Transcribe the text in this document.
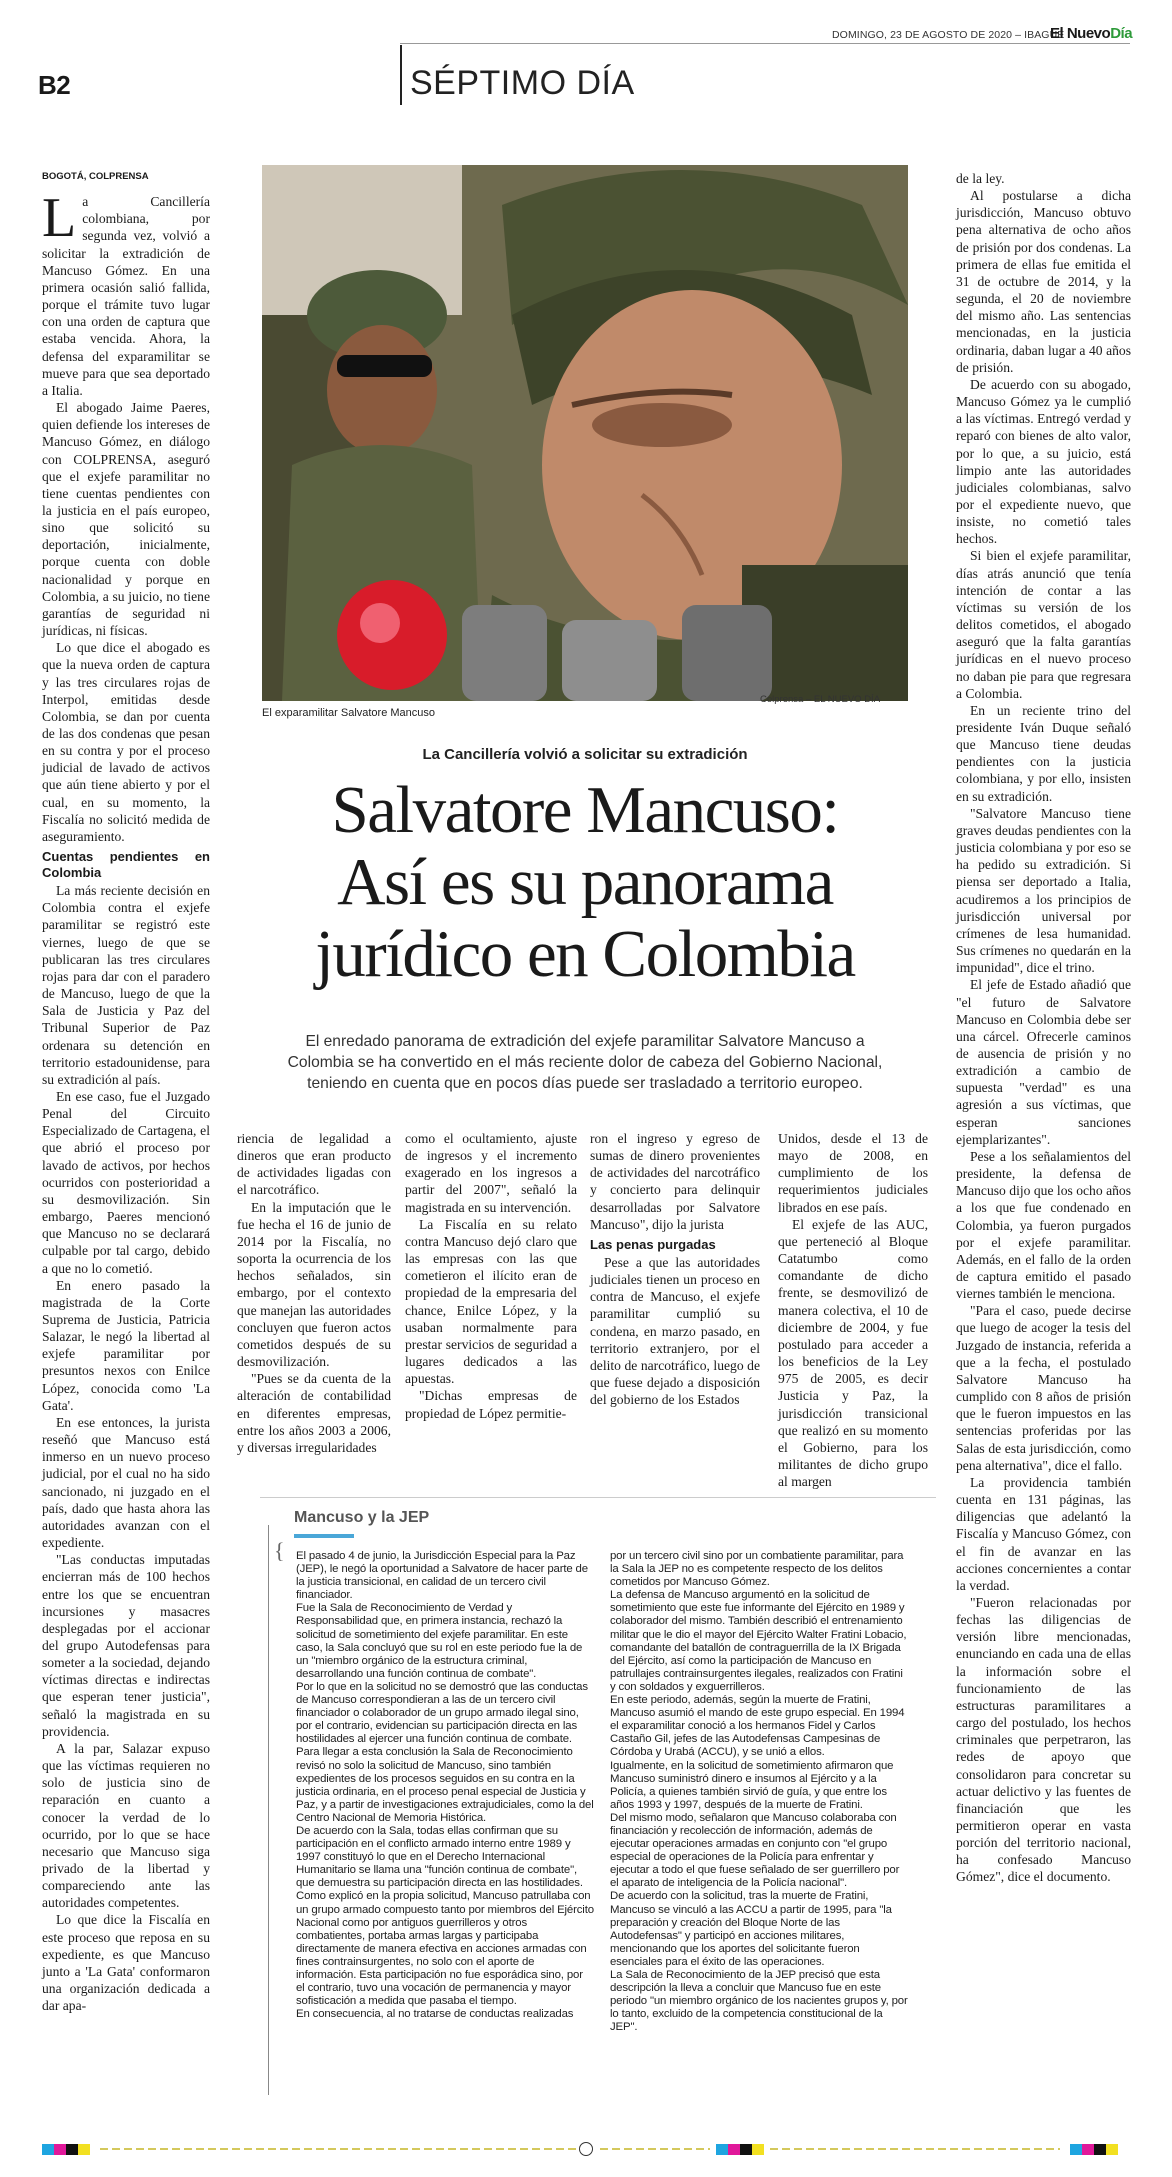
DOMINGO, 23 DE AGOSTO DE 2020 – IBAGUÉ
El NuevoDía
B2	SÉPTIMO DÍA

BOGOTÁ, COLPRENSA

La Cancillería colombiana, por segunda vez, volvió a solicitar la extradición de Mancuso Gómez. En una primera ocasión salió fallida, porque el trámite tuvo lugar con una orden de captura que estaba vencida. Ahora, la defensa del exparamilitar se mueve para que sea deportado a Italia.

El abogado Jaime Paeres, quien defiende los intereses de Mancuso Gómez, en diálogo con COLPRENSA, aseguró que el exjefe paramilitar no tiene cuentas pendientes con la justicia en el país europeo, sino que solicitó su deportación, inicialmente, porque cuenta con doble nacionalidad y porque en Colombia, a su juicio, no tiene garantías de seguridad ni jurídicas, ni físicas.

Lo que dice el abogado es que la nueva orden de captura y las tres circulares rojas de Interpol, emitidas desde Colombia, se dan por cuenta de las dos condenas que pesan en su contra y por el proceso judicial de lavado de activos que aún tiene abierto y por el cual, en su momento, la Fiscalía no solicitó medida de aseguramiento.

Cuentas pendientes en Colombia

La más reciente decisión en Colombia contra el exjefe paramilitar se registró este viernes, luego de que se publicaran las tres circulares rojas para dar con el paradero de Mancuso, luego de que la Sala de Justicia y Paz del Tribunal Superior de Paz ordenara su detención en territorio estadounidense, para su extradición al país.

En ese caso, fue el Juzgado Penal del Circuito Especializado de Cartagena, el que abrió el proceso por lavado de activos, por hechos ocurridos con posterioridad a su desmovilización. Sin embargo, Paeres mencionó que Mancuso no se declarará culpable por tal cargo, debido a que no lo cometió.

En enero pasado la magistrada de la Corte Suprema de Justicia, Patricia Salazar, le negó la libertad al exjefe paramilitar por presuntos nexos con Enilce López, conocida como 'La Gata'.

En ese entonces, la jurista reseñó que Mancuso está inmerso en un nuevo proceso judicial, por el cual no ha sido sancionado, ni juzgado en el país, dado que hasta ahora las autoridades avanzan con el expediente.

"Las conductas imputadas encierran más de 100 hechos entre los que se encuentran incursiones y masacres desplegadas por el accionar del grupo Autodefensas para someter a la sociedad, dejando víctimas directas e indirectas que esperan tener justicia", señaló la magistrada en su providencia.

A la par, Salazar expuso que las víctimas requieren no solo de justicia sino de reparación en cuanto a conocer la verdad de lo ocurrido, por lo que se hace necesario que Mancuso siga privado de la libertad y compareciendo ante las autoridades competentes.

Lo que dice la Fiscalía en este proceso que reposa en su expediente, es que Mancuso junto a 'La Gata' conformaron una organización dedicada a dar apa-

El exparamilitar Salvatore Mancuso
Colprensa – EL NUEVO DÍA
La Cancillería volvió a solicitar su extradición
Salvatore Mancuso:
Así es su panorama
jurídico en Colombia
El enredado panorama de extradición del exjefe paramilitar Salvatore Mancuso a
Colombia se ha convertido en el más reciente dolor de cabeza del Gobierno Nacional,
teniendo en cuenta que en pocos días puede ser trasladado a territorio europeo.

riencia de legalidad a dineros que eran producto de actividades ligadas con el narcotráfico.

En la imputación que le fue hecha el 16 de junio de 2014 por la Fiscalía, no soporta la ocurrencia de los hechos señalados, sin embargo, por el contexto que manejan las autoridades concluyen que fueron actos cometidos después de su desmovilización.

"Pues se da cuenta de la alteración de contabilidad en diferentes empresas, entre los años 2003 a 2006, y diversas irregularidades

como el ocultamiento, ajuste de ingresos y el incremento exagerado en los ingresos a partir del 2007", señaló la magistrada en su intervención.

La Fiscalía en su relato contra Mancuso dejó claro que las empresas con las que cometieron el ilícito eran de propiedad de la empresaria del chance, Enilce López, y la usaban normalmente para prestar servicios de seguridad a lugares dedicados a las apuestas.

"Dichas empresas de propiedad de López permitie-

ron el ingreso y egreso de sumas de dinero provenientes de actividades del narcotráfico y concierto para delinquir desarrolladas por Salvatore Mancuso", dijo la jurista

Las penas purgadas

Pese a que las autoridades judiciales tienen un proceso en contra de Mancuso, el exjefe paramilitar cumplió su condena, en marzo pasado, en territorio extranjero, por el delito de narcotráfico, luego de que fuese dejado a disposición del gobierno de los Estados

Unidos, desde el 13 de mayo de 2008, en cumplimiento de los requerimientos judiciales librados en ese país.

El exjefe de las AUC, que perteneció al Bloque Catatumbo como comandante de dicho frente, se desmovilizó de manera colectiva, el 10 de diciembre de 2004, y fue postulado para acceder a los beneficios de la Ley 975 de 2005, es decir Justicia y Paz, la jurisdicción transicional que realizó en su momento el Gobierno, para los militantes de dicho grupo al margen

de la ley.

Al postularse a dicha jurisdicción, Mancuso obtuvo pena alternativa de ocho años de prisión por dos condenas. La primera de ellas fue emitida el 31 de octubre de 2014, y la segunda, el 20 de noviembre del mismo año. Las sentencias mencionadas, en la justicia ordinaria, daban lugar a 40 años de prisión.

De acuerdo con su abogado, Mancuso Gómez ya le cumplió a las víctimas. Entregó verdad y reparó con bienes de alto valor, por lo que, a su juicio, está limpio ante las autoridades judiciales colombianas, salvo por el expediente nuevo, que insiste, no cometió tales hechos.

Si bien el exjefe paramilitar, días atrás anunció que tenía intención de contar a las víctimas su versión de los delitos cometidos, el abogado aseguró que la falta garantías jurídicas en el nuevo proceso no daban pie para que regresara a Colombia.

En un reciente trino del presidente Iván Duque señaló que Mancuso tiene deudas pendientes con la justicia colombiana, y por ello, insisten en su extradición.

"Salvatore Mancuso tiene graves deudas pendientes con la justicia colombiana y por eso se ha pedido su extradición. Si piensa ser deportado a Italia, acudiremos a los principios de jurisdicción universal por crímenes de lesa humanidad. Sus crímenes no quedarán en la impunidad", dice el trino.

El jefe de Estado añadió que "el futuro de Salvatore Mancuso en Colombia debe ser una cárcel. Ofrecerle caminos de ausencia de prisión y no extradición a cambio de supuesta "verdad" es una agresión a sus víctimas, que esperan sanciones ejemplarizantes".

Pese a los señalamientos del presidente, la defensa de Mancuso dijo que los ocho años a los que fue condenado en Colombia, ya fueron purgados por el exjefe paramilitar. Además, en el fallo de la orden de captura emitido el pasado viernes también le menciona.

"Para el caso, puede decirse que luego de acoger la tesis del Juzgado de instancia, referida a que a la fecha, el postulado Salvatore Mancuso ha cumplido con 8 años de prisión que le fueron impuestos en las sentencias proferidas por las Salas de esta jurisdicción, como pena alternativa", dice el fallo.

La providencia también cuenta en 131 páginas, las diligencias que adelantó la Fiscalía y Mancuso Gómez, con el fin de avanzar en las acciones concernientes a contar la verdad.

"Fueron relacionadas por fechas las diligencias de versión libre mencionadas, enunciando en cada una de ellas la información sobre el funcionamiento de las estructuras paramilitares a cargo del postulado, los hechos criminales que perpetraron, las redes de apoyo que consolidaron para concretar su actuar delictivo y las fuentes de financiación que les permitieron operar en vasta porción del territorio nacional, ha confesado Mancuso Gómez", dice el documento.

Mancuso y la JEP
{ El pasado 4 de junio, la Jurisdicción Especial para la Paz (JEP), le negó la oportunidad a Salvatore de hacer parte de la justicia transicional, en calidad de un tercero civil financiador.

Fue la Sala de Reconocimiento de Verdad y Responsabilidad que, en primera instancia, rechazó la solicitud de sometimiento del exjefe paramilitar. En este caso, la Sala concluyó que su rol en este periodo fue la de un "miembro orgánico de la estructura criminal, desarrollando una función continua de combate".

Por lo que en la solicitud no se demostró que las conductas de Mancuso correspondieran a las de un tercero civil financiador o colaborador de un grupo armado ilegal sino, por el contrario, evidencian su participación directa en las hostilidades al ejercer una función continua de combate.

Para llegar a esta conclusión la Sala de Reconocimiento revisó no solo la solicitud de Mancuso, sino también expedientes de los procesos seguidos en su contra en la justicia ordinaria, en el proceso penal especial de Justicia y Paz, y a partir de investigaciones extrajudiciales, como la del Centro Nacional de Memoria Histórica.

De acuerdo con la Sala, todas ellas confirman que su participación en el conflicto armado interno entre 1989 y 1997 constituyó lo que en el Derecho Internacional Humanitario se llama una "función continua de combate", que demuestra su participación directa en las hostilidades.

Como explicó en la propia solicitud, Mancuso patrullaba con un grupo armado compuesto tanto por miembros del Ejército Nacional como por antiguos guerrilleros y otros combatientes, portaba armas largas y participaba directamente de manera efectiva en acciones armadas con fines contrainsurgentes, no solo con el aporte de información. Esta participación no fue esporádica sino, por el contrario, tuvo una vocación de permanencia y mayor sofisticación a medida que pasaba el tiempo.

En consecuencia, al no tratarse de conductas realizadas

por un tercero civil sino por un combatiente paramilitar, para la Sala la JEP no es competente respecto de los delitos cometidos por Mancuso Gómez.

La defensa de Mancuso argumentó en la solicitud de sometimiento que este fue informante del Ejército en 1989 y colaborador del mismo. También describió el entrenamiento militar que le dio el mayor del Ejército Walter Fratini Lobacio, comandante del batallón de contraguerrilla de la IX Brigada del Ejército, así como la participación de Mancuso en patrullajes contrainsurgentes ilegales, realizados con Fratini y con soldados y exguerrilleros.

En este periodo, además, según la muerte de Fratini, Mancuso asumió el mando de este grupo especial. En 1994 el exparamilitar conoció a los hermanos Fidel y Carlos Castaño Gil, jefes de las Autodefensas Campesinas de Córdoba y Urabá (ACCU), y se unió a ellos.

Igualmente, en la solicitud de sometimiento afirmaron que Mancuso suministró dinero e insumos al Ejército y a la Policía, a quienes también sirvió de guía, y que entre los años 1993 y 1997, después de la muerte de Fratini.

Del mismo modo, señalaron que Mancuso colaboraba con financiación y recolección de información, además de ejecutar operaciones armadas en conjunto con "el grupo especial de operaciones de la Policía para enfrentar y ejecutar a todo el que fuese señalado de ser guerrillero por el aparato de inteligencia de la Policía nacional".

De acuerdo con la solicitud, tras la muerte de Fratini, Mancuso se vinculó a las ACCU a partir de 1995, para "la preparación y creación del Bloque Norte de las Autodefensas" y participó en acciones militares, mencionando que los aportes del solicitante fueron esenciales para el éxito de las operaciones.

La Sala de Reconocimiento de la JEP precisó que esta descripción la lleva a concluir que Mancuso fue en este periodo "un miembro orgánico de los nacientes grupos y, por lo tanto, excluido de la competencia constitucional de la JEP".
